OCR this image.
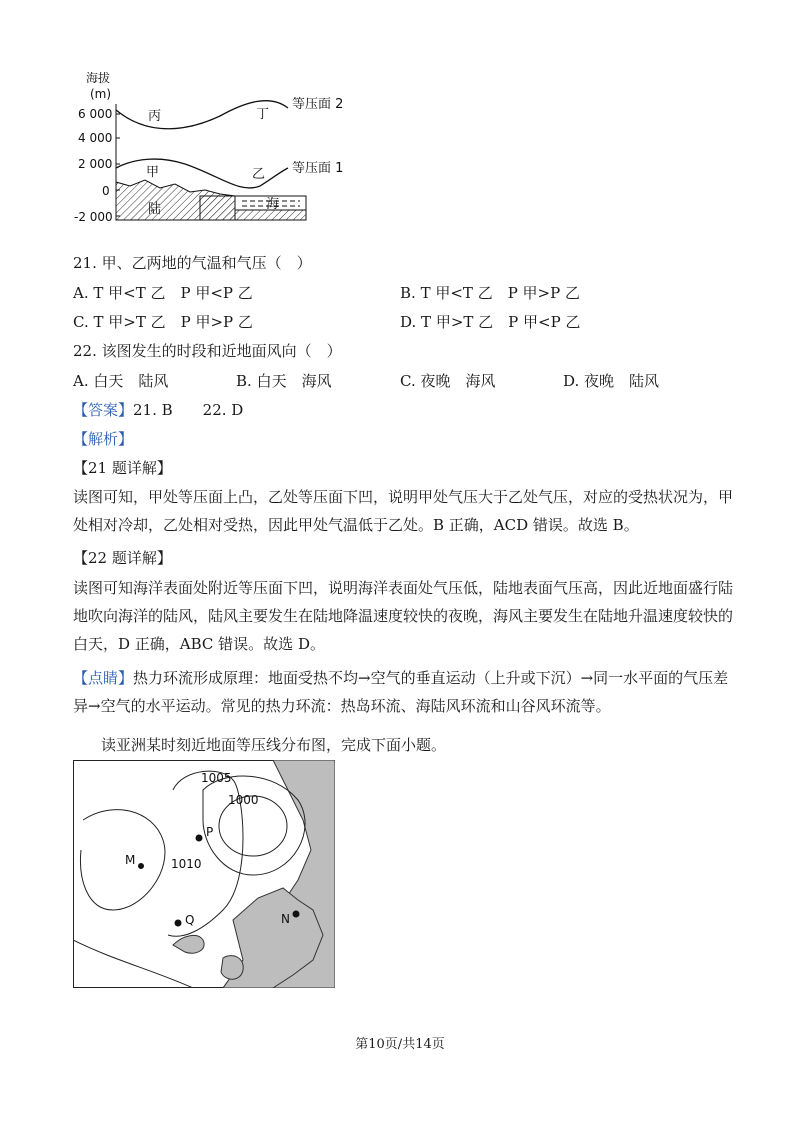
海拔
(m)
6 000
4 000
2 000
0
-2 000
等压面 2
丙	丁
等压面 1
甲	乙
陆	海
21. 甲、乙两地的气温和气压（　）
A. T 甲<T 乙　P 甲<P 乙	B. T 甲<T 乙　P 甲>P 乙
C. T 甲>T 乙　P 甲>P 乙	D. T 甲>T 乙　P 甲<P 乙
22. 该图发生的时段和近地面风向（　）
A. 白天　陆风	B. 白天　海风	C. 夜晚　海风	D. 夜晚　陆风
【答案】21. B　　22. D
【解析】
【21 题详解】
读图可知，甲处等压面上凸，乙处等压面下凹，说明甲处气压大于乙处气压，对应的受热状况为，甲处相对冷却，乙处相对受热，因此甲处气温低于乙处。B 正确，ACD 错误。故选 B。
【22 题详解】
读图可知海洋表面处附近等压面下凹，说明海洋表面处气压低，陆地表面气压高，因此近地面盛行陆地吹向海洋的陆风，陆风主要发生在陆地降温速度较快的夜晚，海风主要发生在陆地升温速度较快的白天，D 正确，ABC 错误。故选 D。
【点睛】热力环流形成原理：地面受热不均→空气的垂直运动（上升或下沉）→同一水平面的气压差异→空气的水平运动。常见的热力环流：热岛环流、海陆风环流和山谷风环流等。
读亚洲某时刻近地面等压线分布图，完成下面小题。
1005
1000
1010
M
P
Q	N
第10页/共14页
